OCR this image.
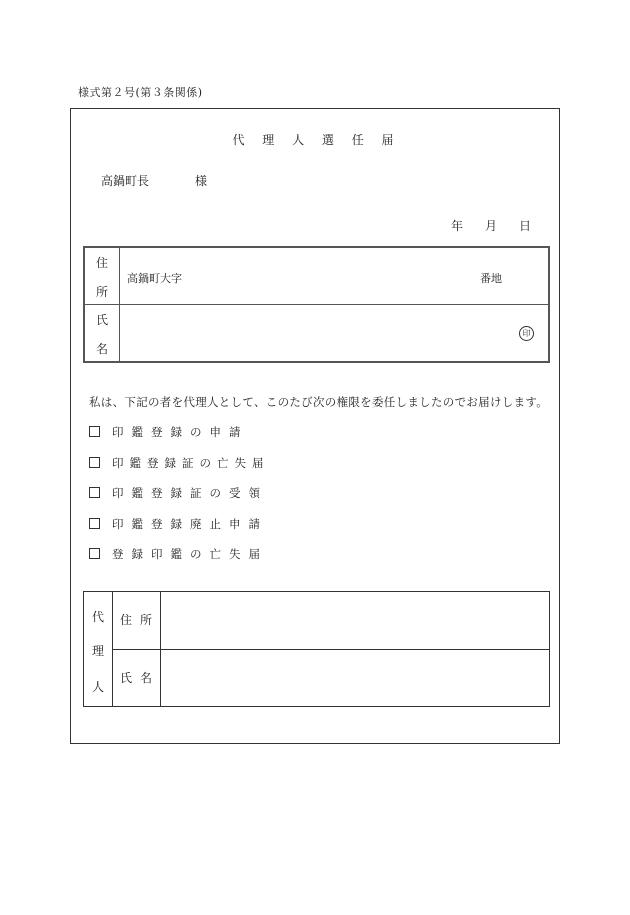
様式第２号(第３条関係)
代 理 人 選 任 届
高鍋町長	様
年 月 日
住
所
高鍋町大字	番地
氏
名
印
私は、下記の者を代理人として、このたび次の権限を委任しましたのでお届けします。
印鑑登録の申請
印鑑登録証の亡失届
印鑑登録証の受領
印鑑登録廃止申請
登録印鑑の亡失届
代
理
人
住所
氏名
